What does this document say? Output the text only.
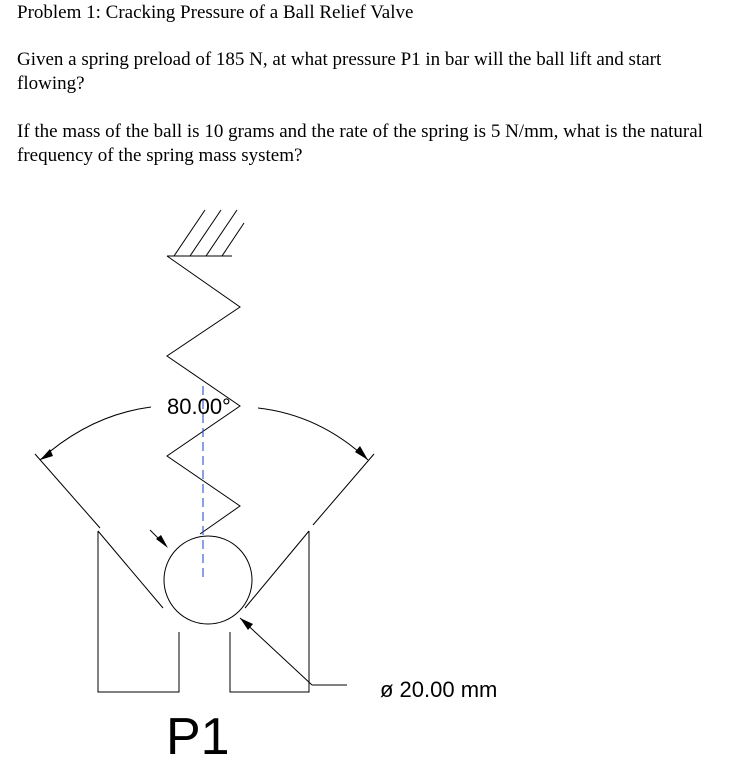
Problem 1: Cracking Pressure of a Ball Relief Valve
Given a spring preload of 185 N, at what pressure P1 in bar will the ball lift and start flowing?
If the mass of the ball is 10 grams and the rate of the spring is 5 N/mm, what is the natural frequency of the spring mass system?
80.00°
ø 20.00 mm
P1
